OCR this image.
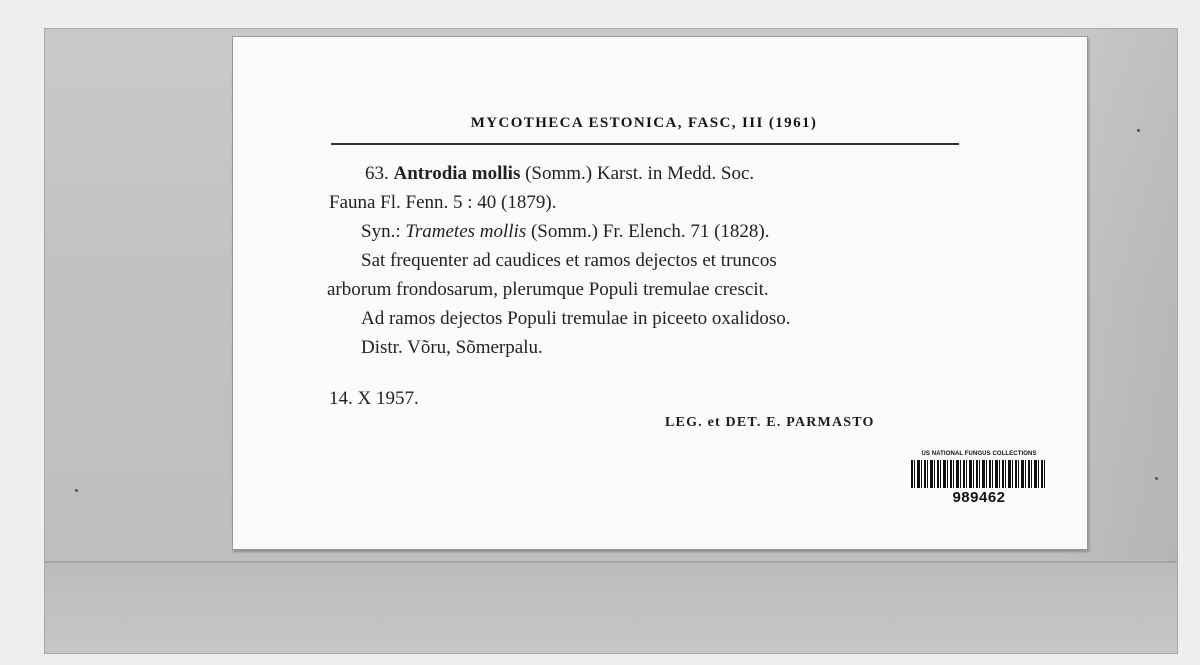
MYCOTHECA ESTONICA, FASC, III (1961)
63. Antrodia mollis (Somm.) Karst. in Medd. Soc.
Fauna Fl. Fenn. 5 : 40 (1879).
Syn.: Trametes mollis (Somm.) Fr. Elench. 71 (1828).
Sat frequenter ad caudices et ramos dejectos et truncos
arborum frondosarum, plerumque Populi tremulae crescit.
Ad ramos dejectos Populi tremulae in piceeto oxalidoso.
Distr. Võru, Sõmerpalu.
14. X 1957.
LEG. et DET. E. PARMASTO
US NATIONAL FUNGUS COLLECTIONS
989462
